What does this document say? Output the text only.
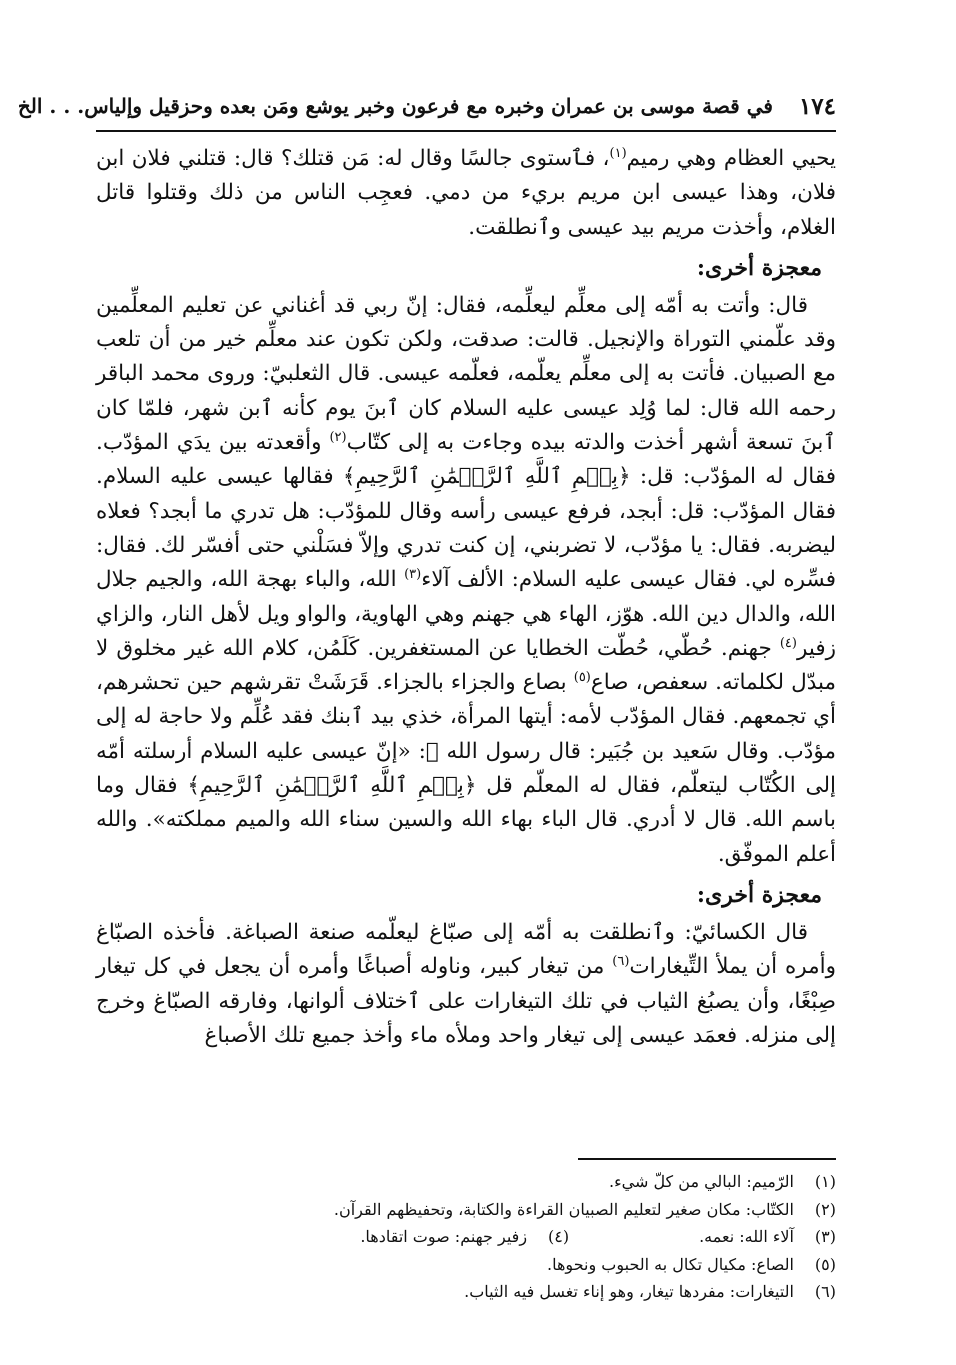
١٧٤
في قصة موسى بن عمران وخبره مع فرعون وخبر يوشع ومَن بعده وحزقيل وإلياس. . . الخ

يحيي العظام وهي رميم$^{(١)}$، فٱستوى جالسًا وقال له: مَن قتلك؟ قال: قتلني فلان ابن فلان، وهذا عيسى ابن مريم بريء من دمي. فعجِب الناس من ذلك وقتلوا قاتل الغلام، وأخذت مريم بيد عيسى وٱنطلقت.

معجزة أخرى:

قال: وأتت به أمّه إلى معلِّم ليعلِّمه، فقال: إنّ ربي قد أغناني عن تعليم المعلِّمين وقد علّمني التوراة والإنجيل. قالت: صدقت، ولكن تكون عند معلِّم خير من أن تلعب مع الصبيان. فأتت به إلى معلِّم يعلّمه، فعلّمه عيسى. قال الثعلبيّ: وروى محمد الباقر رحمه الله قال: لما وُلِد عيسى عليه السلام كان ٱبنَ يوم كأنه ٱبن شهر، فلمّا كان ٱبنَ تسعة أشهر أخذت والدته بيده وجاءت به إلى كتّاب$^{(٢)}$ وأقعدته بين يدَي المؤدّب. فقال له المؤدّب: قل: ﴿بِسۡمِ ٱللَّهِ ٱلرَّحۡمَٰنِ ٱلرَّحِيمِ﴾ فقالها عيسى عليه السلام. فقال المؤدّب: قل: أبجد، فرفع عيسى رأسه وقال للمؤدّب: هل تدري ما أبجد؟ فعلاه ليضربه. فقال: يا مؤدّب، لا تضربني، إن كنت تدري وإلاّ فسَلْني حتى أفسّر لك. فقال: فسِّره لي. فقال عيسى عليه السلام: الألف آلاء$^{(٣)}$ الله، والباء بهجة الله، والجيم جلال الله، والدال دين الله. هوّز، الهاء هي جهنم وهي الهاوية، والواو ويل لأهل النار، والزاي زفير$^{(٤)}$ جهنم. حُطّي، حُطّت الخطايا عن المستغفرين. كَلَمُن، كلام الله غير مخلوق لا مبدّل لكلماته. سعفص، صاع$^{(٥)}$ بصاع والجزاء بالجزاء. قَرَشَتْ تقرشهم حين تحشرهم، أي تجمعهم. فقال المؤدّب لأمه: أيتها المرأة، خذي بيد ٱبنك فقد عُلِّم ولا حاجة له إلى مؤدّب. وقال سَعيد بن جُبَير: قال رسول الله ﷺ: «إنّ عيسى عليه السلام أرسلته أمّه إلى الكُتّاب ليتعلّم، فقال له المعلّم قل ﴿بِسۡمِ ٱللَّهِ ٱلرَّحۡمَٰنِ ٱلرَّحِيمِ﴾ فقال وما باسم الله. قال لا أدري. قال الباء بهاء الله والسين سناء الله والميم مملكته». والله أعلم الموفّق.

معجزة أخرى:

قال الكسائيّ: وٱنطلقت به أمّه إلى صبّاغ ليعلّمه صنعة الصباغة. فأخذه الصبّاغ وأمره أن يملأ التِّيغارات$^{(٦)}$ من تيغار كبير، وناوله أصباغًا وأمره أن يجعل في كل تيغار صِبْغًا، وأن يصبُغ الثياب في تلك التيغارات على ٱختلاف ألوانها، وفارقه الصبّاغ وخرج إلى منزله. فعمَد عيسى إلى تيغار واحد وملأه ماء وأخذ جميع تلك الأصباغ

(١)
الرّميم: البالي من كلّ شيء.
(٢)
الكتّاب: مكان صغير لتعليم الصبيان القراءة والكتابة، وتحفيظهم القرآن.
(٣)
آلاء الله: نعمه.
(٤)
زفير جهنم: صوت اتقادها.
(٥)
الصاع: مكيال تكال به الحبوب ونحوها.
(٦)
التيغارات: مفردها تيغار، وهو إناء تغسل فيه الثياب.
